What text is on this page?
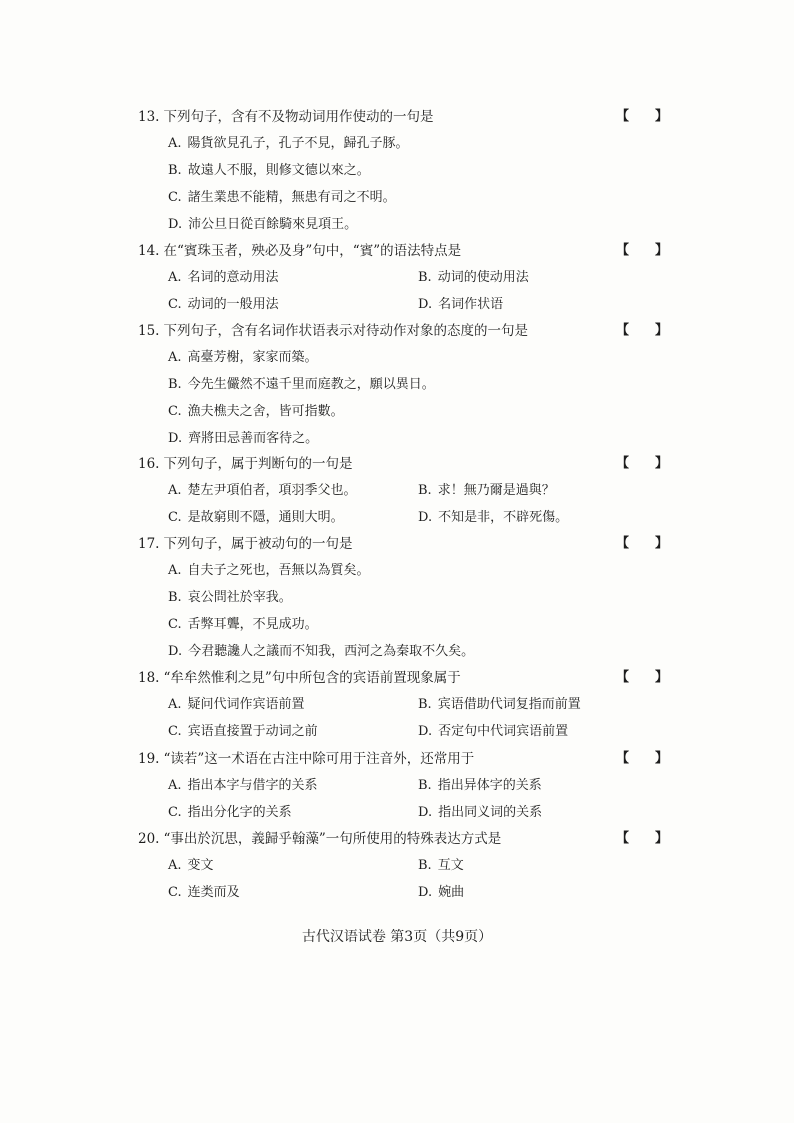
13. 下列句子，含有不及物动词用作使动的一句是	【 】
A. 陽貨欲見孔子，孔子不見，歸孔子豚。
B. 故遠人不服，則修文德以來之。
C. 諸生業患不能精，無患有司之不明。
D. 沛公旦日從百餘騎來見項王。
14. 在“賓珠玉者，殃必及身”句中，“賓”的语法特点是	【 】
A. 名词的意动用法	B. 动词的使动用法
C. 动词的一般用法	D. 名词作状语
15. 下列句子，含有名词作状语表示对待动作对象的态度的一句是	【 】
A. 高臺芳榭，家家而築。
B. 今先生儼然不遠千里而庭教之，願以異日。
C. 漁夫樵夫之舍，皆可指數。
D. 齊將田忌善而客待之。
16. 下列句子，属于判断句的一句是	【 】
A. 楚左尹項伯者，項羽季父也。	B. 求！無乃爾是過與？
C. 是故窮則不隱，通則大明。	D. 不知是非，不辟死傷。
17. 下列句子，属于被动句的一句是	【 】
A. 自夫子之死也，吾無以為質矣。
B. 哀公問社於宰我。
C. 舌弊耳聾，不見成功。
D. 今君聽讒人之議而不知我，西河之為秦取不久矣。
18. “牟牟然惟利之見”句中所包含的宾语前置现象属于	【 】
A. 疑问代词作宾语前置	B. 宾语借助代词复指而前置
C. 宾语直接置于动词之前	D. 否定句中代词宾语前置
19. “读若”这一术语在古注中除可用于注音外，还常用于	【 】
A. 指出本字与借字的关系	B. 指出异体字的关系
C. 指出分化字的关系	D. 指出同义词的关系
20. “事出於沉思，義歸乎翰藻”一句所使用的特殊表达方式是	【 】
A. 变文	B. 互文
C. 连类而及	D. 婉曲
古代汉语试卷 第3页（共9页）
